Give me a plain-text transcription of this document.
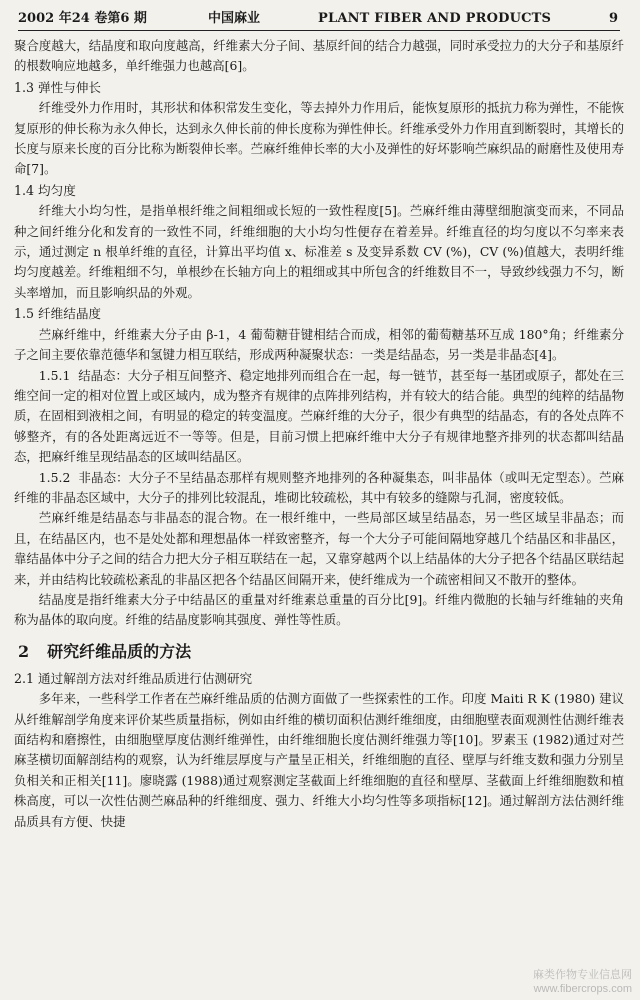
2002 年24 卷第6 期	中国麻业	PLANT FIBER AND PRODUCTS	9

聚合度越大，结晶度和取向度越高，纤维素大分子间、基原纤间的结合力越强，同时承受拉力的大分子和基原纤的根数响应地越多，单纤维强力也越高[6]。

1.3 弹性与伸长

纤维受外力作用时，其形状和体积常发生变化，等去掉外力作用后，能恢复原形的抵抗力称为弹性，不能恢复原形的伸长称为永久伸长，达到永久伸长前的伸长度称为弹性伸长。纤维承受外力作用直到断裂时，其增长的长度与原来长度的百分比称为断裂伸长率。苎麻纤维伸长率的大小及弹性的好坏影响苎麻织品的耐磨性及使用寿命[7]。

1.4 均匀度

纤维大小均匀性，是指单根纤维之间粗细或长短的一致性程度[5]。苎麻纤维由薄壁细胞演变而来，不同品种之间纤维分化和发育的一致性不同，纤维细胞的大小均匀性便存在着差异。纤维直径的均匀度以不匀率来表示，通过测定 n 根单纤维的直径，计算出平均值 x、标准差 s 及变异系数 CV (%)，CV (%)值越大，表明纤维均匀度越差。纤维粗细不匀，单根纱在长轴方向上的粗细或其中所包含的纤维数目不一，导致纱线强力不匀，断头率增加，而且影响织品的外观。

1.5 纤维结晶度

苎麻纤维中，纤维素大分子由 β-1，4 葡萄糖苷键相结合而成，相邻的葡萄糖基环互成 180°角；纤维素分子之间主要依靠范德华和氢键力相互联结，形成两种凝聚状态：一类是结晶态，另一类是非晶态[4]。

1.5.1 结晶态：大分子相互间整齐、稳定地排列而组合在一起，每一链节，甚至每一基团或原子，都处在三维空间一定的相对位置上或区域内，成为整齐有规律的点阵排列结构，并有较大的结合能。典型的纯粹的结晶物质，在固相到液相之间，有明显的稳定的转变温度。苎麻纤维的大分子，很少有典型的结晶态，有的各处点阵不够整齐，有的各处距离远近不一等等。但是，目前习惯上把麻纤维中大分子有规律地整齐排列的状态都叫结晶态，把麻纤维呈现结晶态的区域叫结晶区。

1.5.2 非晶态：大分子不呈结晶态那样有规则整齐地排列的各种凝集态，叫非晶体（或叫无定型态）。苎麻纤维的非晶态区域中，大分子的排列比较混乱，堆砌比较疏松，其中有较多的缝隙与孔洞，密度较低。

苎麻纤维是结晶态与非晶态的混合物。在一根纤维中，一些局部区域呈结晶态，另一些区域呈非晶态；而且，在结晶区内，也不是处处都和理想晶体一样致密整齐，每一个大分子可能间隔地穿越几个结晶区和非晶区，靠结晶体中分子之间的结合力把大分子相互联结在一起，又靠穿越两个以上结晶体的大分子把各个结晶区联结起来，并由结构比较疏松紊乱的非晶区把各个结晶区间隔开来，使纤维成为一个疏密相间又不散开的整体。

结晶度是指纤维素大分子中结晶区的重量对纤维素总重量的百分比[9]。纤维内微胞的长轴与纤维轴的夹角称为晶体的取向度。纤维的结晶度影响其强度、弹性等性质。

2 研究纤维品质的方法
2.1 通过解剖方法对纤维品质进行估测研究

多年来，一些科学工作者在苎麻纤维品质的估测方面做了一些探索性的工作。印度 Maiti R K (1980) 建议从纤维解剖学角度来评价某些质量指标，例如由纤维的横切面积估测纤维细度，由细胞壁表面观测性估测纤维表面结构和磨擦性，由细胞壁厚度估测纤维弹性，由纤维细胞长度估测纤维强力等[10]。罗素玉 (1982)通过对苎麻茎横切面解剖结构的观察，认为纤维层厚度与产量呈正相关，纤维细胞的直径、壁厚与纤维支数和强力分别呈负相关和正相关[11]。廖晓露 (1988)通过观察测定茎截面上纤维细胞的直径和壁厚、茎截面上纤维细胞数和植株高度，可以一次性估测苎麻品种的纤维细度、强力、纤维大小均匀性等多项指标[12]。通过解剖方法估测纤维品质具有方便、快捷

麻类作物专业信息网
www.fibercrops.com
